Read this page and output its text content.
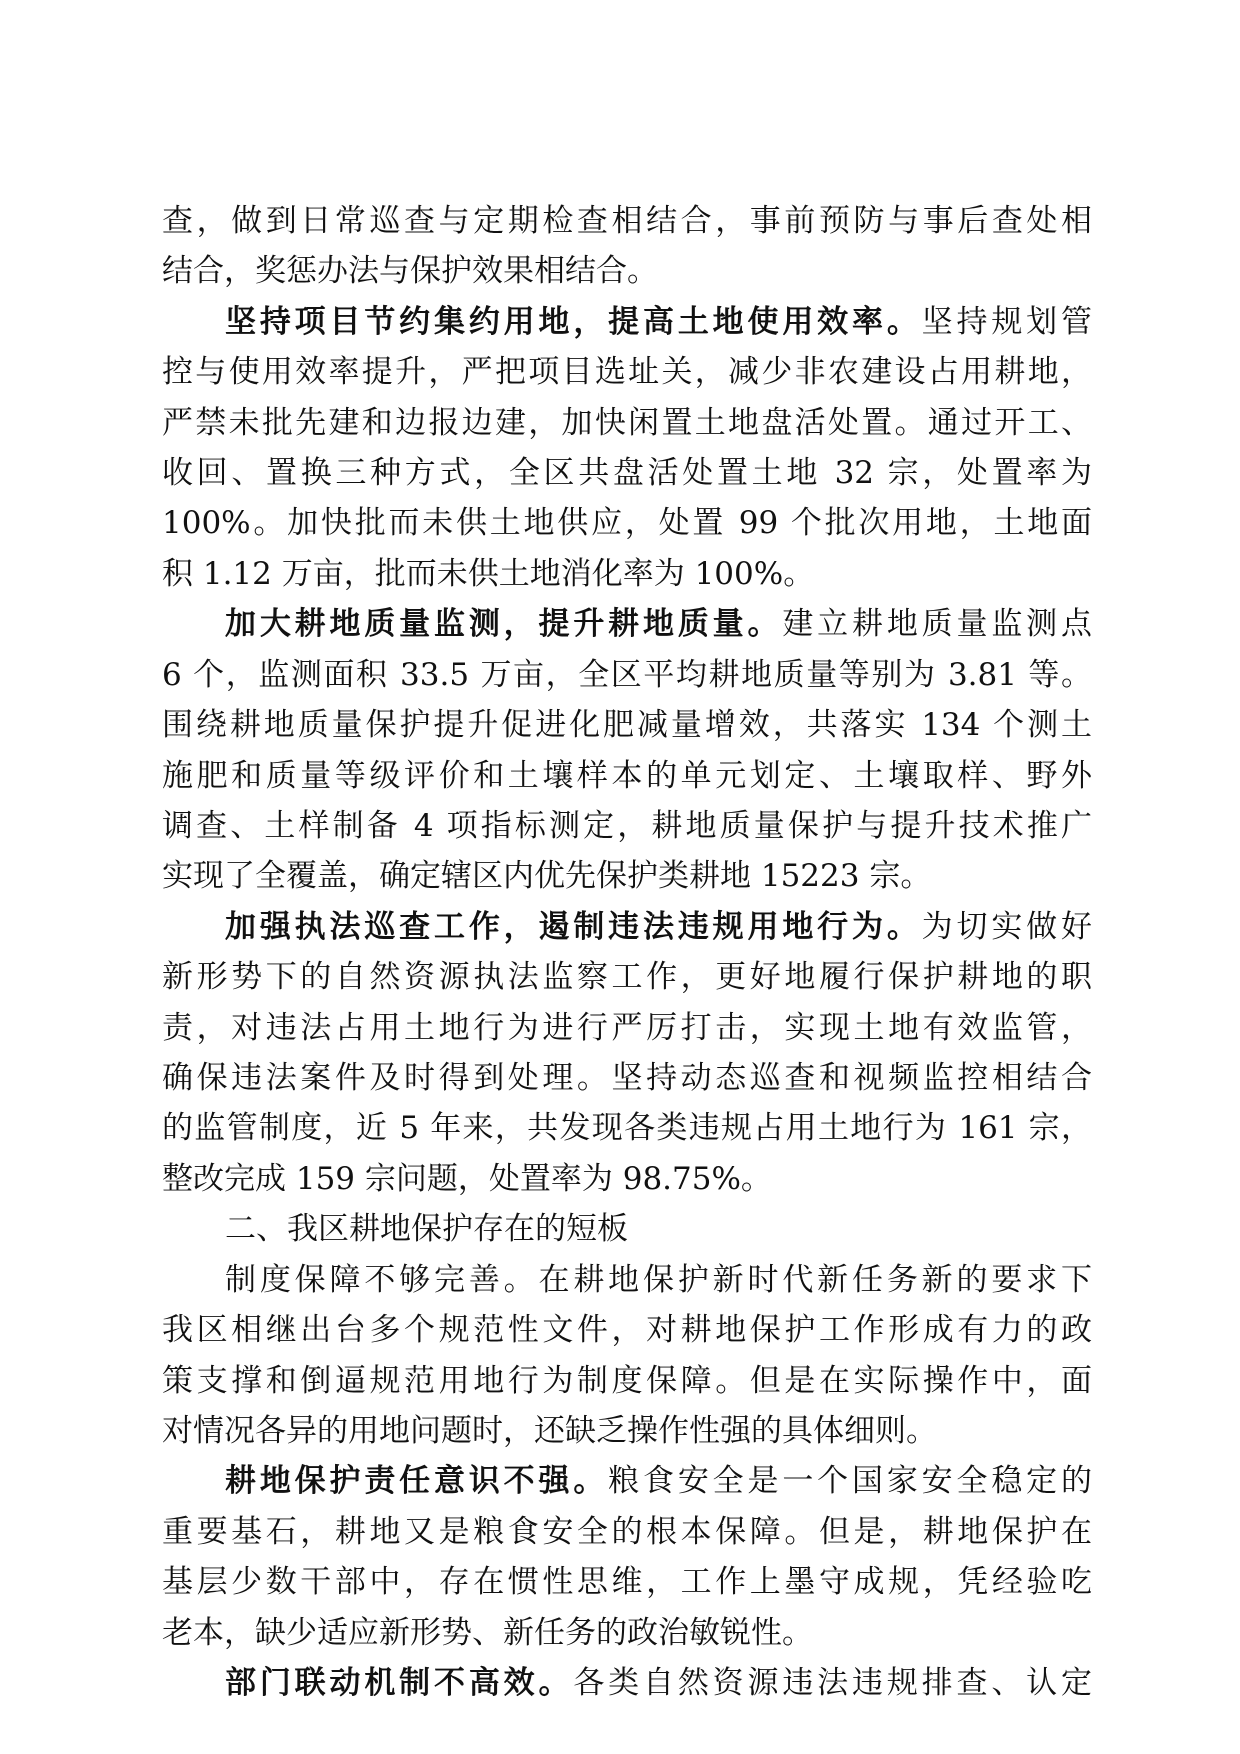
查，做到日常巡查与定期检查相结合，事前预防与事后查处相
结合，奖惩办法与保护效果相结合。
坚持项目节约集约用地，提高土地使用效率。坚持规划管
控与使用效率提升，严把项目选址关，减少非农建设占用耕地，
严禁未批先建和边报边建，加快闲置土地盘活处置。通过开工、
收回、置换三种方式，全区共盘活处置土地 32 宗，处置率为
100%。加快批而未供土地供应，处置 99 个批次用地，土地面
积 1.12 万亩，批而未供土地消化率为 100%。
加大耕地质量监测，提升耕地质量。建立耕地质量监测点
6 个，监测面积 33.5 万亩，全区平均耕地质量等别为 3.81 等。
围绕耕地质量保护提升促进化肥减量增效，共落实 134 个测土
施肥和质量等级评价和土壤样本的单元划定、土壤取样、野外
调查、土样制备 4 项指标测定，耕地质量保护与提升技术推广
实现了全覆盖，确定辖区内优先保护类耕地 15223 宗。
加强执法巡查工作，遏制违法违规用地行为。为切实做好
新形势下的自然资源执法监察工作，更好地履行保护耕地的职
责，对违法占用土地行为进行严厉打击，实现土地有效监管，
确保违法案件及时得到处理。坚持动态巡查和视频监控相结合
的监管制度，近 5 年来，共发现各类违规占用土地行为 161 宗，
整改完成 159 宗问题，处置率为 98.75%。
二、我区耕地保护存在的短板
制度保障不够完善。在耕地保护新时代新任务新的要求下
我区相继出台多个规范性文件，对耕地保护工作形成有力的政
策支撑和倒逼规范用地行为制度保障。但是在实际操作中，面
对情况各异的用地问题时，还缺乏操作性强的具体细则。
耕地保护责任意识不强。粮食安全是一个国家安全稳定的
重要基石，耕地又是粮食安全的根本保障。但是，耕地保护在
基层少数干部中，存在惯性思维，工作上墨守成规，凭经验吃
老本，缺少适应新形势、新任务的政治敏锐性。
部门联动机制不高效。各类自然资源违法违规排查、认定
